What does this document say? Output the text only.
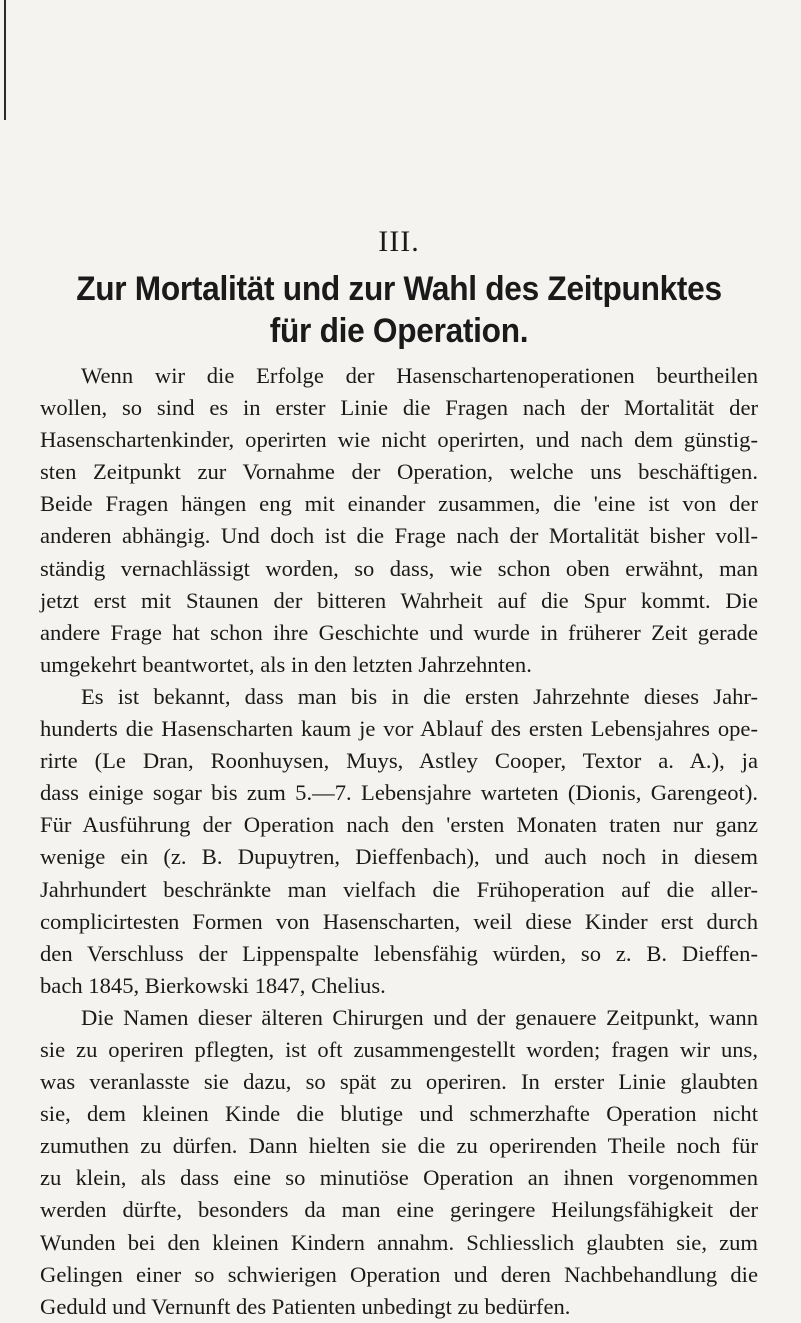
III.
Zur Mortalität und zur Wahl des Zeitpunktes
für die Operation.
Wenn wir die Erfolge der Hasenschartenoperationen beurtheilen
wollen, so sind es in erster Linie die Fragen nach der Mortalität der
Hasenschartenkinder, operirten wie nicht operirten, und nach dem günstig-
sten Zeitpunkt zur Vornahme der Operation, welche uns beschäftigen.
Beide Fragen hängen eng mit einander zusammen, die 'eine ist von der
anderen abhängig. Und doch ist die Frage nach der Mortalität bisher voll-
ständig vernachlässigt worden, so dass, wie schon oben erwähnt, man
jetzt erst mit Staunen der bitteren Wahrheit auf die Spur kommt. Die
andere Frage hat schon ihre Geschichte und wurde in früherer Zeit gerade
umgekehrt beantwortet, als in den letzten Jahrzehnten.
Es ist bekannt, dass man bis in die ersten Jahrzehnte dieses Jahr-
hunderts die Hasenscharten kaum je vor Ablauf des ersten Lebensjahres ope-
rirte (Le Dran, Roonhuysen, Muys, Astley Cooper, Textor a. A.), ja
dass einige sogar bis zum 5.—7. Lebensjahre warteten (Dionis, Garengeot).
Für Ausführung der Operation nach den 'ersten Monaten traten nur ganz
wenige ein (z. B. Dupuytren, Dieffenbach), und auch noch in diesem
Jahrhundert beschränkte man vielfach die Frühoperation auf die aller-
complicirtesten Formen von Hasenscharten, weil diese Kinder erst durch
den Verschluss der Lippenspalte lebensfähig würden, so z. B. Dieffen-
bach 1845, Bierkowski 1847, Chelius.
Die Namen dieser älteren Chirurgen und der genauere Zeitpunkt, wann
sie zu operiren pflegten, ist oft zusammengestellt worden; fragen wir uns,
was veranlasste sie dazu, so spät zu operiren. In erster Linie glaubten
sie, dem kleinen Kinde die blutige und schmerzhafte Operation nicht
zumuthen zu dürfen. Dann hielten sie die zu operirenden Theile noch für
zu klein, als dass eine so minutiöse Operation an ihnen vorgenommen
werden dürfte, besonders da man eine geringere Heilungsfähigkeit der
Wunden bei den kleinen Kindern annahm. Schliesslich glaubten sie, zum
Gelingen einer so schwierigen Operation und deren Nachbehandlung die
Geduld und Vernunft des Patienten unbedingt zu bedürfen.
